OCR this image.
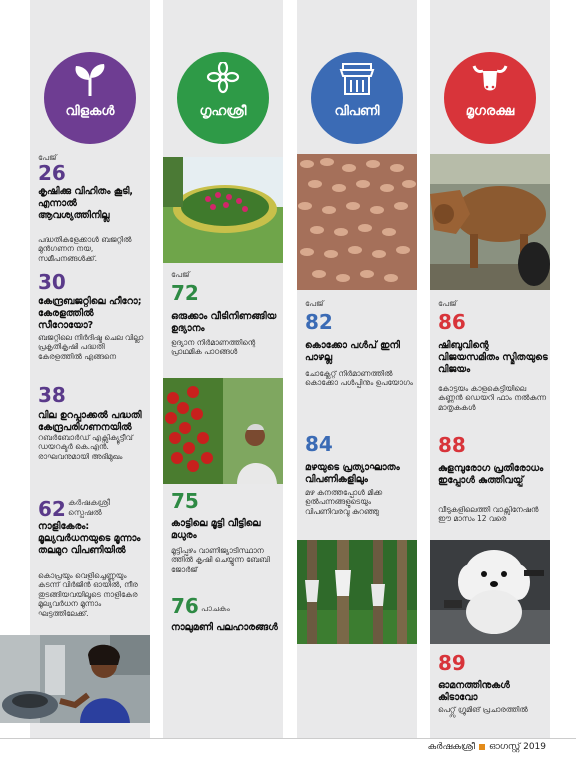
വിളകൾ	ഗൃഹശ്രീ	വിപണി	മൃഗരക്ഷ
പേജ്
26
കൃഷിക്കു വിഹിതം കൂടി, എന്നാൽ ആവശ്യത്തിനില്ല
പദ്ധതികളേക്കാൾ ബജറ്റിൽ മുൻഗണന നയ, സമീപനങ്ങൾക്ക്.
30
കേന്ദ്രബജറ്റിലെ ഹീറോ; കേരളത്തിൽ സീറോയോ?
ബജറ്റിലെ നിർദിഷ്ട ചെല വില്ലാ പ്രകൃതികൃഷി പദ്ധതി കേരളത്തിൽ എങ്ങനെ
38
വില ഉറപ്പാക്കൽ പദ്ധതി കേന്ദ്രപരിഗണനയിൽ
റബർബോർഡ് എക്സിക്യൂട്ടീവ് ഡയറക്ടർ കെ.എൻ. രാഘവനുമായി അഭിമുഖം
62 കർഷകശ്രീ സ്പെഷൽ
നാളികേരം: മൂല്യവർധനയുടെ മൂന്നാം തലമുറ വിപണിയിൽ
കൊപ്രയും വെളിച്ചെണ്ണയും കടന്ന് വിർജിൻ ഓയിൽ, നീര തുടങ്ങിയവയിലൂടെ നാളികേര മൂല്യവർധന മൂന്നാം ഘട്ടത്തിലേക്ക്.
പേജ്
72
ഒരുക്കാം വീടിനിണങ്ങിയ ഉദ്യാനം
ഉദ്യാന നിർമാണത്തിന്റെ പ്രാഥമിക പാഠങ്ങൾ
75
കാട്ടിലെ മൂട്ടി വീട്ടിലെ മധുരം
മൂട്ടിപ്പഴം വാണിജ്യാടിസ്ഥാന ത്തിൽ കൃഷി ചെയ്യുന്ന ബേബി ജോർജ്
76 പാചകം
നാലുമണി പലഹാരങ്ങൾ
പേജ്
82
കൊക്കോ പൾപ് ഇനി പാഴല്ല
ചോക്ലേറ്റ് നിർമാണത്തിൽ കൊക്കോ പൾപ്പിനും ഉപയോഗം
84
മഴയുടെ പ്രത്യാഘാതം വിപണികളിലും
മഴ കനത്തപ്പോൾ മിക്ക ഉൽപന്നങ്ങളുടെയും വിപണിവരവു കുറഞ്ഞു
പേജ്
86
ഷിബുവിന്റെ വിജയസമിതം സ്മിതയുടെ വിജയം
കോട്ടയം കാളകെട്ടിയിലെ കണ്ണൻ ഡെയറി ഫാം നൽകുന്ന മാതൃകകൾ
88
കുളമ്പുരോഗ പ്രതിരോധം ഇപ്പോൾ കുത്തിവയ്പ്
വീടുകളിലെത്തി വാക്സിനേഷൻ ഈ മാസം 12 വരെ
89
ഓമനത്തിനുകൾ കിടാവോ
പെറ്റ്സ് ഗ്രൂമിങ് പ്രചാരത്തിൽ
കർഷകശ്രീ ഓഗസ്റ്റ് 2019
